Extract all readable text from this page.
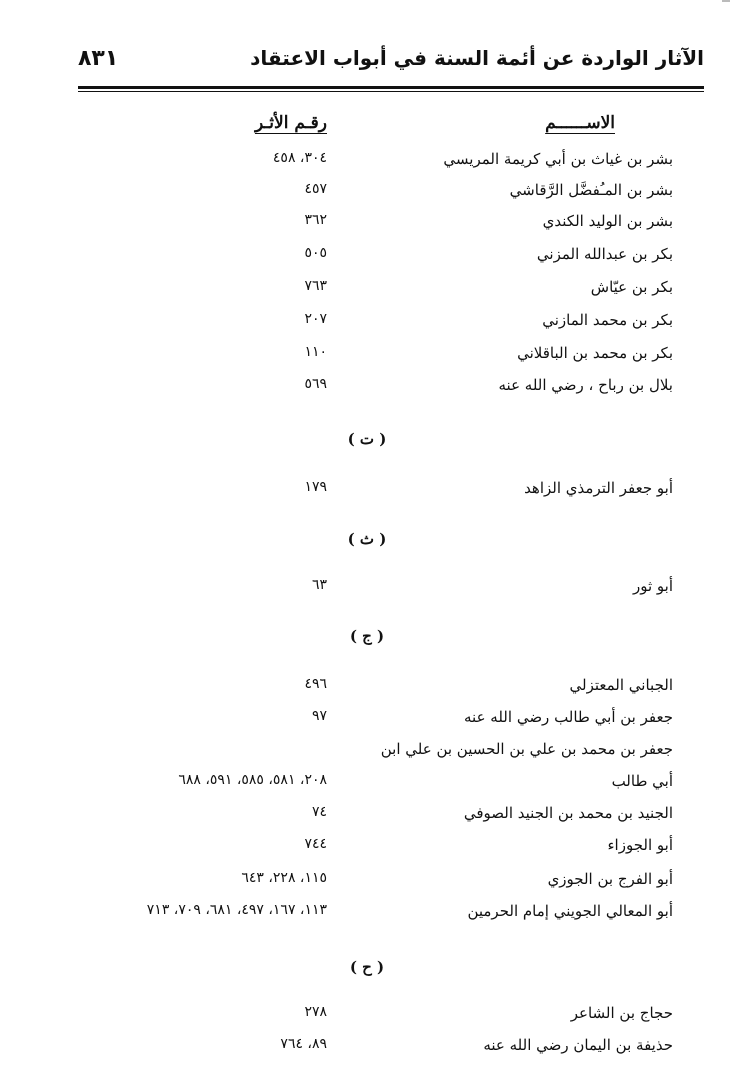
٨٣١	الآثار الواردة عن أئمة السنة في أبواب الاعتقاد
الاســــــم
رقـم الأثـر
بشر بن غياث بن أبي كريمة المريسي
٣٠٤، ٤٥٨
بشر بن المـُفضَّل الرَّقاشي
٤٥٧
بشر بن الوليد الكندي
٣٦٢
بكر بن عبدالله المزني
٥٠٥
بكر بن عيّاش
٧٦٣
بكر بن محمد المازني
٢٠٧
بكر بن محمد بن الباقلاني
١١٠
بلال بن رباح ، رضي الله عنه
٥٦٩
( ت )
أبو جعفر الترمذي الزاهد
١٧٩
( ث )
أبو ثور
٦٣
( ج )
الجباني المعتزلي
٤٩٦
جعفر بن أبي طالب رضي الله عنه
٩٧
جعفر بن محمد بن علي بن الحسين بن علي ابن
أبي طالب
٢٠٨، ٥٨١، ٥٨٥، ٥٩١، ٦٨٨
الجنيد بن محمد بن الجنيد الصوفي
٧٤
أبو الجوزاء
٧٤٤
أبو الفرج بن الجوزي
١١٥، ٢٢٨، ٦٤٣
أبو المعالي الجويني إمام الحرمين
١١٣، ١٦٧، ٤٩٧، ٦٨١، ٧٠٩، ٧١٣
( ح )
حجاج بن الشاعر
٢٧٨
حذيفة بن اليمان رضي الله عنه
٨٩، ٧٦٤
